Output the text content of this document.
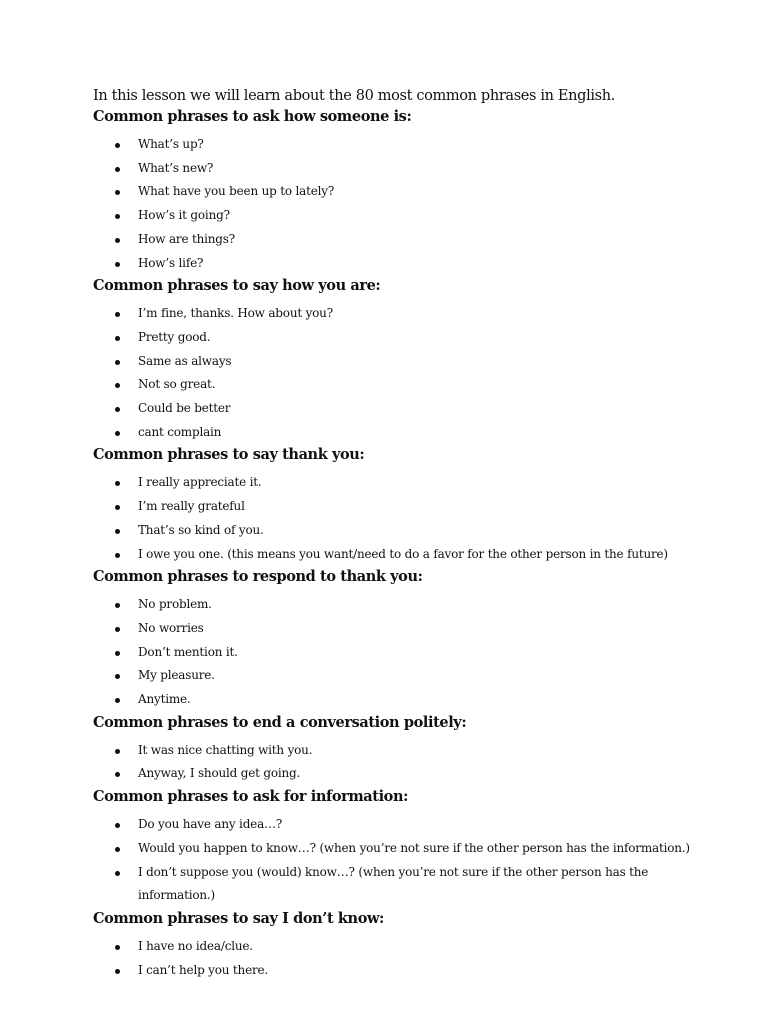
In this lesson we will learn about the 80 most common phrases in English.

Common phrases to ask how someone is:
What’s up?
What’s new?
What have you been up to lately?
How’s it going?
How are things?
How’s life?
Common phrases to say how you are:
I’m fine, thanks. How about you?
Pretty good.
Same as always
Not so great.
Could be better
cant complain
Common phrases to say thank you:
I really appreciate it.
I’m really grateful
That’s so kind of you.
I owe you one. (this means you want/need to do a favor for the other person in the future)
Common phrases to respond to thank you:
No problem.
No worries
Don’t mention it.
My pleasure.
Anytime.
Common phrases to end a conversation politely:
It was nice chatting with you.
Anyway, I should get going.
Common phrases to ask for information:
Do you have any idea…?
Would you happen to know…? (when you’re not sure if the other person has the information.)
I don’t suppose you (would) know…? (when you’re not sure if the other person has the information.)
Common phrases to say I don’t know:
I have no idea/clue.
I can’t help you there.
